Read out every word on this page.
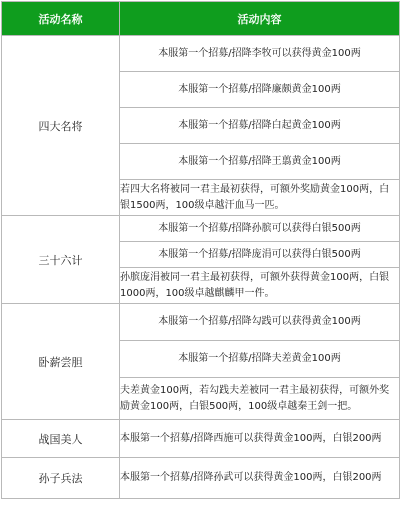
活动名称	活动内容
四大名将	本服第一个招募/招降李牧可以获得黄金100两
	本服第一个招募/招降廉颇黄金100两
	本服第一个招募/招降白起黄金100两
	本服第一个招募/招降王翦黄金100两
	若四大名将被同一君主最初获得，可额外奖励黄金100两，白银1500两，100级卓越汗血马一匹。
三十六计	本服第一个招募/招降孙膑可以获得白银500两
	本服第一个招募/招降庞涓可以获得白银500两
	孙膑庞涓被同一君主最初获得，可额外获得黄金100两，白银1000两，100级卓越麒麟甲一件。
卧薪尝胆	本服第一个招募/招降勾践可以获得黄金100两
	本服第一个招募/招降夫差黄金100两
	夫差黄金100两，若勾践夫差被同一君主最初获得，可额外奖励黄金100两，白银500两，100级卓越秦王剑一把。
战国美人	本服第一个招募/招降西施可以获得黄金100两，白银200两
孙子兵法	本服第一个招募/招降孙武可以获得黄金100两，白银200两
